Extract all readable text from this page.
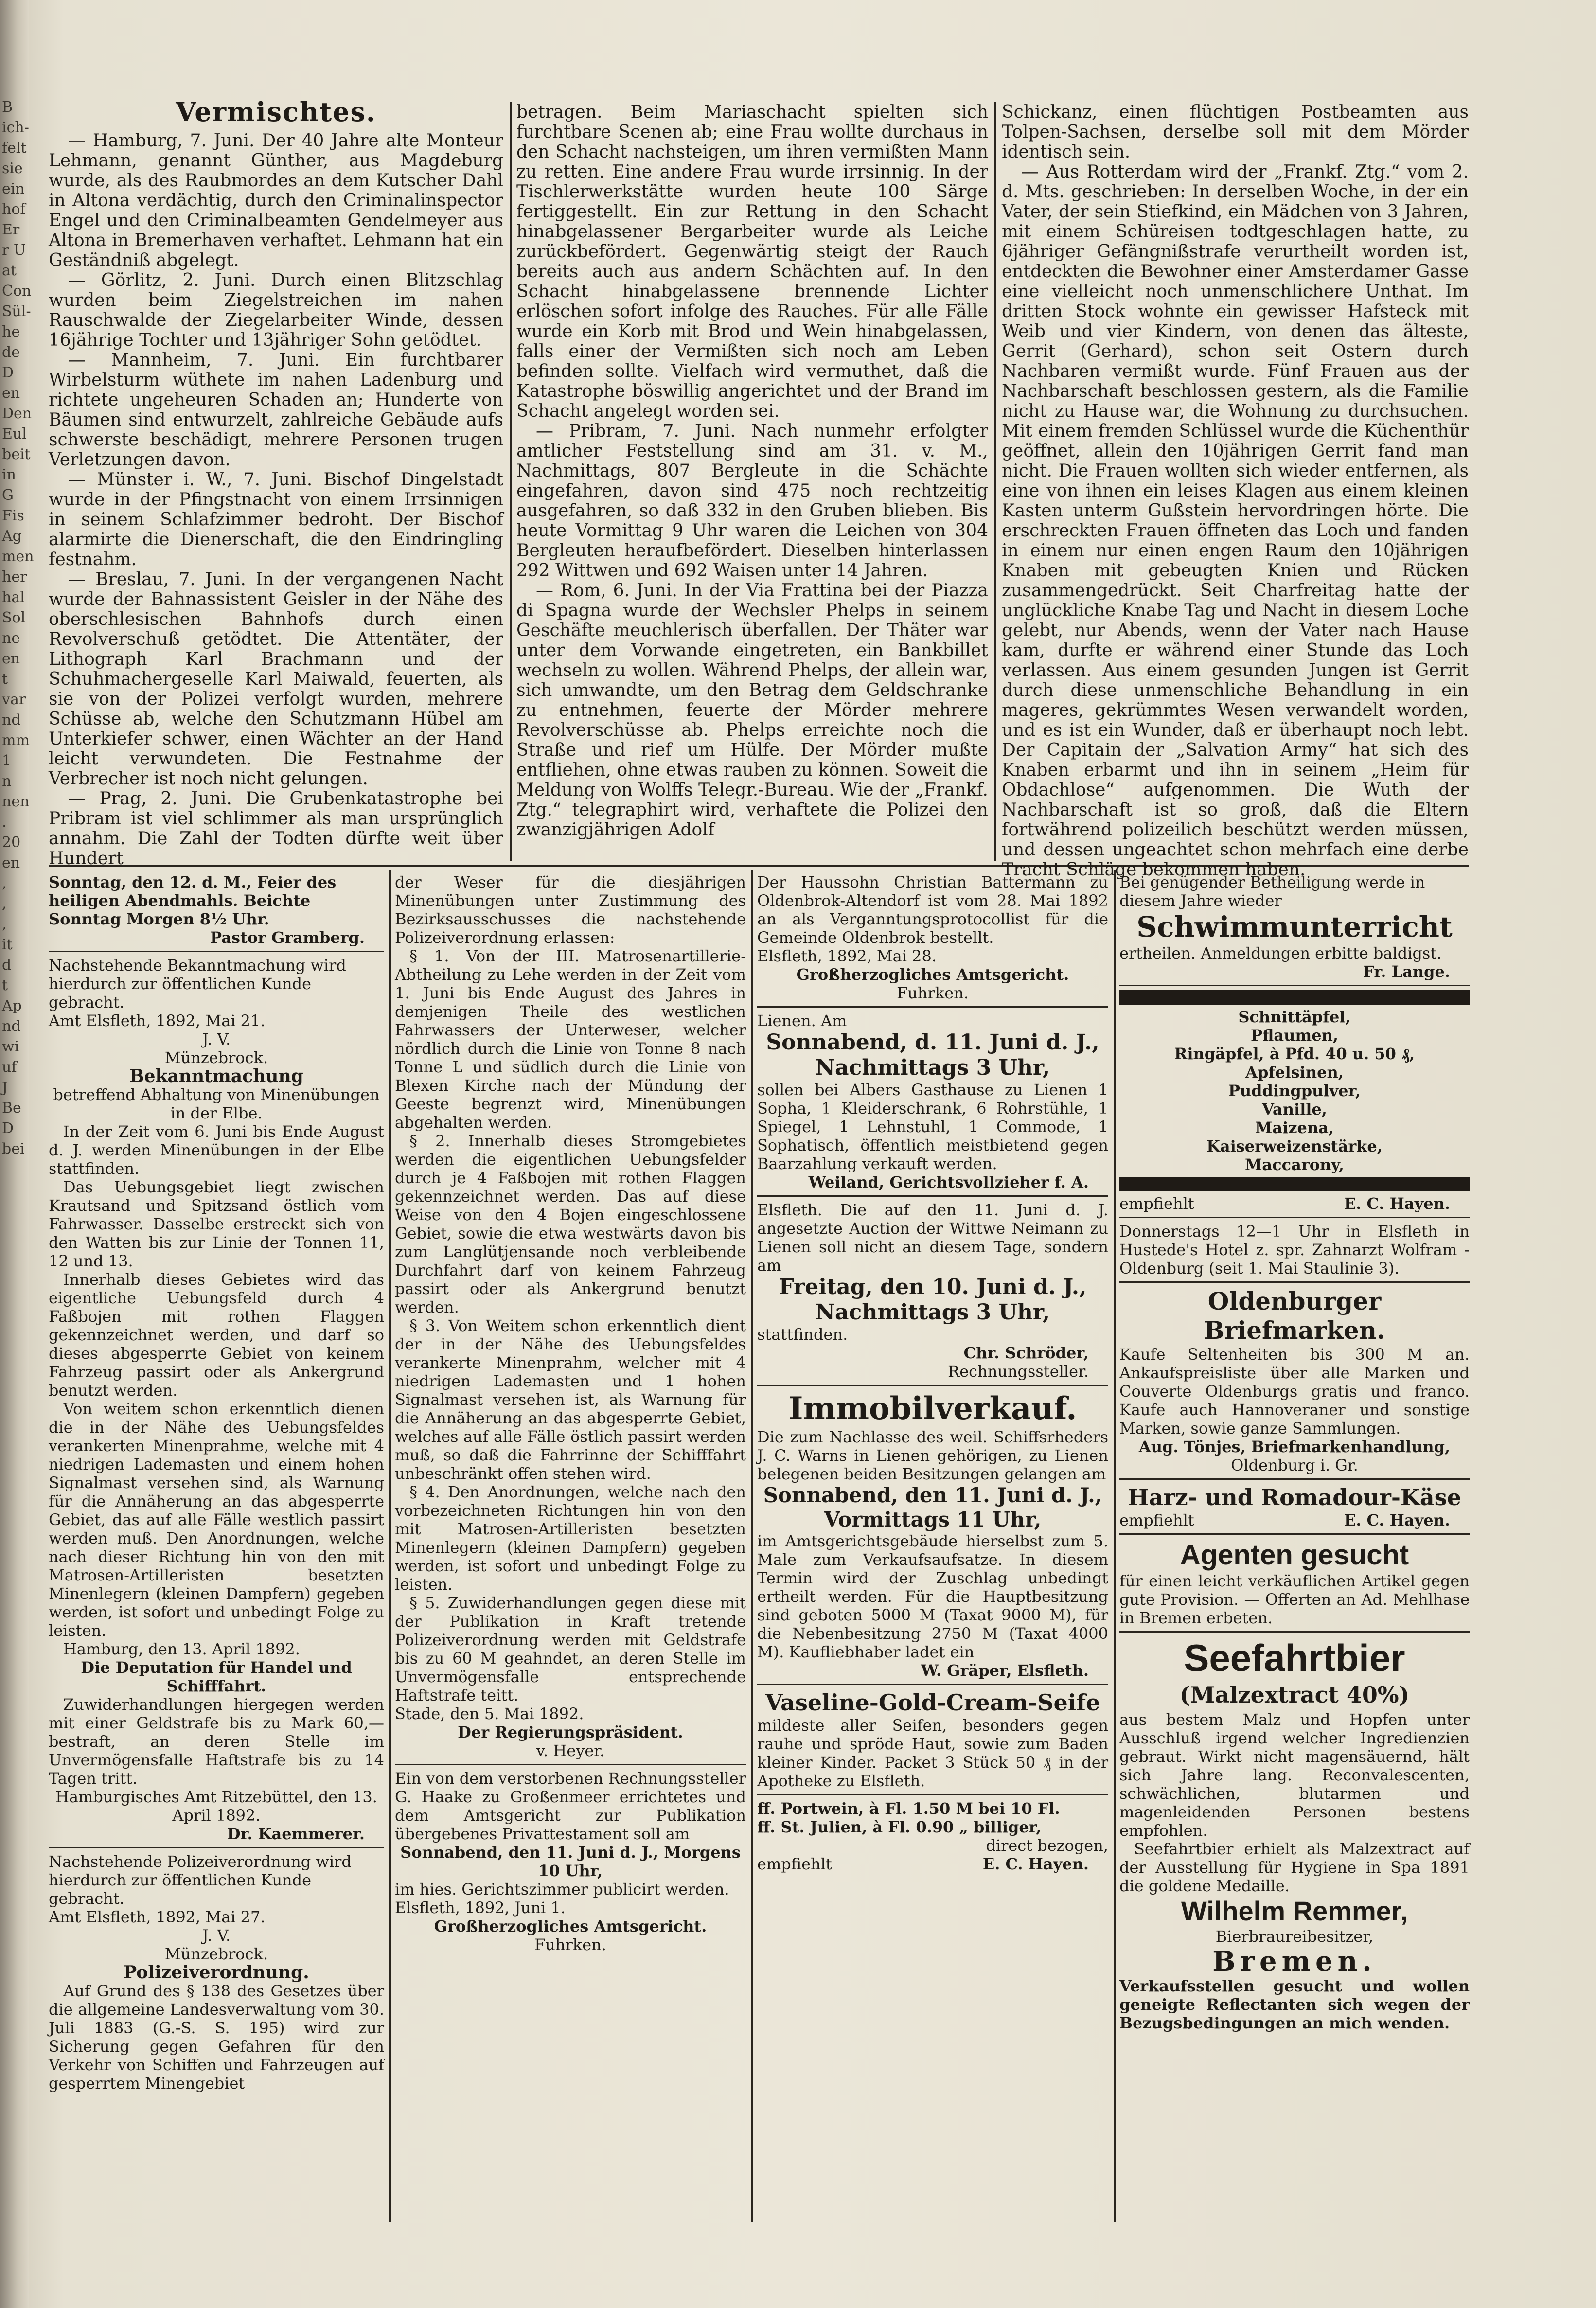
B
ich-
felt
sie
ein
hof
Er
r U
at
Con
Sül-
he
de
D
en
Den
Eul
beit
in
G
Fis
Ag
men
her
hal
Sol
ne
en
t
var
nd
mm
1
n
nen
.
20
en
,
,
,
it
d
t
Ap
nd
wi
uf
J
Be
D
bei
Vermischtes.

— Hamburg, 7. Juni. Der 40 Jahre alte Monteur Lehmann, genannt Günther, aus Magdeburg wurde, als des Raubmordes an dem Kutscher Dahl in Altona verdächtig, durch den Criminalinspector Engel und den Criminalbeamten Gendelmeyer aus Altona in Bremerhaven verhaftet. Lehmann hat ein Geständniß abgelegt.

— Görlitz, 2. Juni. Durch einen Blitzschlag wurden beim Ziegelstreichen im nahen Rauschwalde der Ziegelarbeiter Winde, dessen 16jährige Tochter und 13jähriger Sohn getödtet.

— Mannheim, 7. Juni. Ein furchtbarer Wirbelsturm wüthete im nahen Ladenburg und richtete ungeheuren Schaden an; Hunderte von Bäumen sind entwurzelt, zahlreiche Gebäude aufs schwerste beschädigt, mehrere Personen trugen Verletzungen davon.

— Münster i. W., 7. Juni. Bischof Dingelstadt wurde in der Pfingstnacht von einem Irrsinnigen in seinem Schlafzimmer bedroht. Der Bischof alarmirte die Dienerschaft, die den Eindringling festnahm.

— Breslau, 7. Juni. In der vergangenen Nacht wurde der Bahnassistent Geisler in der Nähe des oberschlesischen Bahnhofs durch einen Revolverschuß getödtet. Die Attentäter, der Lithograph Karl Brachmann und der Schuhmachergeselle Karl Maiwald, feuerten, als sie von der Polizei verfolgt wurden, mehrere Schüsse ab, welche den Schutzmann Hübel am Unterkiefer schwer, einen Wächter an der Hand leicht verwundeten. Die Festnahme der Verbrecher ist noch nicht gelungen.

— Prag, 2. Juni. Die Grubenkatastrophe bei Pribram ist viel schlimmer als man ursprünglich annahm. Die Zahl der Todten dürfte weit über Hundert

betragen. Beim Mariaschacht spielten sich furchtbare Scenen ab; eine Frau wollte durchaus in den Schacht nachsteigen, um ihren vermißten Mann zu retten. Eine andere Frau wurde irrsinnig. In der Tischlerwerkstätte wurden heute 100 Särge fertiggestellt. Ein zur Rettung in den Schacht hinabgelassener Bergarbeiter wurde als Leiche zurückbefördert. Gegenwärtig steigt der Rauch bereits auch aus andern Schächten auf. In den Schacht hinabgelassene brennende Lichter erlöschen sofort infolge des Rauches. Für alle Fälle wurde ein Korb mit Brod und Wein hinabgelassen, falls einer der Vermißten sich noch am Leben befinden sollte. Vielfach wird vermuthet, daß die Katastrophe böswillig angerichtet und der Brand im Schacht angelegt worden sei.

— Pribram, 7. Juni. Nach nunmehr erfolgter amtlicher Feststellung sind am 31. v. M., Nachmittags, 807 Bergleute in die Schächte eingefahren, davon sind 475 noch rechtzeitig ausgefahren, so daß 332 in den Gruben blieben. Bis heute Vormittag 9 Uhr waren die Leichen von 304 Bergleuten heraufbefördert. Dieselben hinterlassen 292 Wittwen und 692 Waisen unter 14 Jahren.

— Rom, 6. Juni. In der Via Frattina bei der Piazza di Spagna wurde der Wechsler Phelps in seinem Geschäfte meuchlerisch überfallen. Der Thäter war unter dem Vorwande eingetreten, ein Bankbillet wechseln zu wollen. Während Phelps, der allein war, sich umwandte, um den Betrag dem Geldschranke zu entnehmen, feuerte der Mörder mehrere Revolverschüsse ab. Phelps erreichte noch die Straße und rief um Hülfe. Der Mörder mußte entfliehen, ohne etwas rauben zu können. Soweit die Meldung von Wolffs Telegr.-Bureau. Wie der „Frankf. Ztg.“ telegraphirt wird, verhaftete die Polizei den zwanzigjährigen Adolf

Schickanz, einen flüchtigen Postbeamten aus Tolpen-Sachsen, derselbe soll mit dem Mörder identisch sein.

— Aus Rotterdam wird der „Frankf. Ztg.“ vom 2. d. Mts. geschrieben: In derselben Woche, in der ein Vater, der sein Stiefkind, ein Mädchen von 3 Jahren, mit einem Schüreisen todtgeschlagen hatte, zu 6jähriger Gefängnißstrafe verurtheilt worden ist, entdeckten die Bewohner einer Amsterdamer Gasse eine vielleicht noch unmenschlichere Unthat. Im dritten Stock wohnte ein gewisser Hafsteck mit Weib und vier Kindern, von denen das älteste, Gerrit (Gerhard), schon seit Ostern durch Nachbaren vermißt wurde. Fünf Frauen aus der Nachbarschaft beschlossen gestern, als die Familie nicht zu Hause war, die Wohnung zu durchsuchen. Mit einem fremden Schlüssel wurde die Küchenthür geöffnet, allein den 10jährigen Gerrit fand man nicht. Die Frauen wollten sich wieder entfernen, als eine von ihnen ein leises Klagen aus einem kleinen Kasten unterm Gußstein hervordringen hörte. Die erschreckten Frauen öffneten das Loch und fanden in einem nur einen engen Raum den 10jährigen Knaben mit gebeugten Knien und Rücken zusammengedrückt. Seit Charfreitag hatte der unglückliche Knabe Tag und Nacht in diesem Loche gelebt, nur Abends, wenn der Vater nach Hause kam, durfte er während einer Stunde das Loch verlassen. Aus einem gesunden Jungen ist Gerrit durch diese unmenschliche Behandlung in ein mageres, gekrümmtes Wesen verwandelt worden, und es ist ein Wunder, daß er überhaupt noch lebt. Der Capitain der „Salvation Army“ hat sich des Knaben erbarmt und ihn in seinem „Heim für Obdachlose“ aufgenommen. Die Wuth der Nachbarschaft ist so groß, daß die Eltern fortwährend polizeilich beschützt werden müssen, und dessen ungeachtet schon mehrfach eine derbe Tracht Schläge bekommen haben.

Sonntag, den 12. d. M., Feier des heiligen Abendmahls. Beichte Sonntag Morgen 8½ Uhr.
Pastor Gramberg.
Nachstehende Bekanntmachung wird hierdurch zur öffentlichen Kunde gebracht.
Amt Elsfleth, 1892, Mai 21.
J. V.
Münzebrock.
Bekanntmachung
betreffend Abhaltung von Minenübungen in der Elbe.
In der Zeit vom 6. Juni bis Ende August d. J. werden Minenübungen in der Elbe stattfinden.
Das Uebungsgebiet liegt zwischen Krautsand und Spitzsand östlich vom Fahrwasser. Dasselbe erstreckt sich von den Watten bis zur Linie der Tonnen 11, 12 und 13.
Innerhalb dieses Gebietes wird das eigentliche Uebungsfeld durch 4 Faßbojen mit rothen Flaggen gekennzeichnet werden, und darf so dieses abgesperrte Gebiet von keinem Fahrzeug passirt oder als Ankergrund benutzt werden.
Von weitem schon erkenntlich dienen die in der Nähe des Uebungsfeldes verankerten Minenprahme, welche mit 4 niedrigen Lademasten und einem hohen Signalmast versehen sind, als Warnung für die Annäherung an das abgesperrte Gebiet, das auf alle Fälle westlich passirt werden muß. Den Anordnungen, welche nach dieser Richtung hin von den mit Matrosen-Artilleristen besetzten Minenlegern (kleinen Dampfern) gegeben werden, ist sofort und unbedingt Folge zu leisten.
Hamburg, den 13. April 1892.
Die Deputation für Handel und Schifffahrt.
Zuwiderhandlungen hiergegen werden mit einer Geldstrafe bis zu Mark 60,— bestraft, an deren Stelle im Unvermögensfalle Haftstrafe bis zu 14 Tagen tritt.
Hamburgisches Amt Ritzebüttel, den 13. April 1892.
Dr. Kaemmerer.
Nachstehende Polizeiverordnung wird hierdurch zur öffentlichen Kunde gebracht.
Amt Elsfleth, 1892, Mai 27.
J. V.
Münzebrock.
Polizeiverordnung.
Auf Grund des § 138 des Gesetzes über die allgemeine Landesverwaltung vom 30. Juli 1883 (G.-S. S. 195) wird zur Sicherung gegen Gefahren für den Verkehr von Schiffen und Fahrzeugen auf gesperrtem Minengebiet
der Weser für die diesjährigen Minenübungen unter Zustimmung des Bezirksausschusses die nachstehende Polizeiverordnung erlassen:
§ 1. Von der III. Matrosenartillerie-Abtheilung zu Lehe werden in der Zeit vom 1. Juni bis Ende August des Jahres in demjenigen Theile des westlichen Fahrwassers der Unterweser, welcher nördlich durch die Linie von Tonne 8 nach Tonne L und südlich durch die Linie von Blexen Kirche nach der Mündung der Geeste begrenzt wird, Minenübungen abgehalten werden.
§ 2. Innerhalb dieses Stromgebietes werden die eigentlichen Uebungsfelder durch je 4 Faßbojen mit rothen Flaggen gekennzeichnet werden. Das auf diese Weise von den 4 Bojen eingeschlossene Gebiet, sowie die etwa westwärts davon bis zum Langlütjensande noch verbleibende Durchfahrt darf von keinem Fahrzeug passirt oder als Ankergrund benutzt werden.
§ 3. Von Weitem schon erkenntlich dient der in der Nähe des Uebungsfeldes verankerte Minenprahm, welcher mit 4 niedrigen Lademasten und 1 hohen Signalmast versehen ist, als Warnung für die Annäherung an das abgesperrte Gebiet, welches auf alle Fälle östlich passirt werden muß, so daß die Fahrrinne der Schifffahrt unbeschränkt offen stehen wird.
§ 4. Den Anordnungen, welche nach den vorbezeichneten Richtungen hin von den mit Matrosen-Artilleristen besetzten Minenlegern (kleinen Dampfern) gegeben werden, ist sofort und unbedingt Folge zu leisten.
§ 5. Zuwiderhandlungen gegen diese mit der Publikation in Kraft tretende Polizeiverordnung werden mit Geldstrafe bis zu 60 M geahndet, an deren Stelle im Unvermögensfalle entsprechende Haftstrafe teitt.
Stade, den 5. Mai 1892.
Der Regierungspräsident.
v. Heyer.
Ein von dem verstorbenen Rechnungssteller G. Haake zu Großenmeer errichtetes und dem Amtsgericht zur Publikation übergebenes Privattestament soll am
Sonnabend, den 11. Juni d. J., Morgens 10 Uhr,
im hies. Gerichtszimmer publicirt werden.
Elsfleth, 1892, Juni 1.
Großherzogliches Amtsgericht.
Fuhrken.
Der Haussohn Christian Battermann zu Oldenbrok-Altendorf ist vom 28. Mai 1892 an als Verganntungsprotocollist für die Gemeinde Oldenbrok bestellt.
Elsfleth, 1892, Mai 28.
Großherzogliches Amtsgericht.
Fuhrken.
Lienen. Am
Sonnabend, d. 11. Juni d. J., Nachmittags 3 Uhr,
sollen bei Albers Gasthause zu Lienen 1 Sopha, 1 Kleiderschrank, 6 Rohrstühle, 1 Spiegel, 1 Lehnstuhl, 1 Commode, 1 Sophatisch, öffentlich meistbietend gegen Baarzahlung verkauft werden.
Weiland, Gerichtsvollzieher f. A.
Elsfleth. Die auf den 11. Juni d. J. angesetzte Auction der Wittwe Neimann zu Lienen soll nicht an diesem Tage, sondern am
Freitag, den 10. Juni d. J., Nachmittags 3 Uhr,
stattfinden.
Chr. Schröder,
Rechnungssteller.
Immobilverkauf.
Die zum Nachlasse des weil. Schiffsrheders J. C. Warns in Lienen gehörigen, zu Lienen belegenen beiden Besitzungen gelangen am
Sonnabend, den 11. Juni d. J., Vormittags 11 Uhr,
im Amtsgerichtsgebäude hierselbst zum 5. Male zum Verkaufsaufsatze. In diesem Termin wird der Zuschlag unbedingt ertheilt werden. Für die Hauptbesitzung sind geboten 5000 M (Taxat 9000 M), für die Nebenbesitzung 2750 M (Taxat 4000 M). Kaufliebhaber ladet ein
W. Gräper, Elsfleth.
Vaseline-Gold-Cream-Seife
mildeste aller Seifen, besonders gegen rauhe und spröde Haut, sowie zum Baden kleiner Kinder. Packet 3 Stück 50 ₰ in der Apotheke zu Elsfleth.
ff. Portwein, à Fl. 1.50 M bei 10 Fl.
ff. St. Julien, à Fl. 0.90 „ billiger,
direct bezogen,
empfiehlt	E. C. Hayen.
Bei genügender Betheiligung werde in diesem Jahre wieder
Schwimmunterricht
ertheilen. Anmeldungen erbitte baldigst.
Fr. Lange.
Schnittäpfel,
Pflaumen,
Ringäpfel, à Pfd. 40 u. 50 ₰,
Apfelsinen,
Puddingpulver,
Vanille,
Maizena,
Kaiserweizenstärke,
Maccarony,
empfiehlt	E. C. Hayen.
Donnerstags 12—1 Uhr in Elsfleth in Hustede's Hotel z. spr. Zahnarzt Wolfram - Oldenburg (seit 1. Mai Staulinie 3).
Oldenburger Briefmarken.
Kaufe Seltenheiten bis 300 M an. Ankaufspreisliste über alle Marken und Couverte Oldenburgs gratis und franco. Kaufe auch Hannoveraner und sonstige Marken, sowie ganze Sammlungen.
Aug. Tönjes, Briefmarkenhandlung,
Oldenburg i. Gr.
Harz- und Romadour-Käse
empfiehlt	E. C. Hayen.
Agenten gesucht
für einen leicht verkäuflichen Artikel gegen gute Provision. — Offerten an Ad. Mehlhase in Bremen erbeten.
Seefahrtbier
(Malzextract 40%)
aus bestem Malz und Hopfen unter Ausschluß irgend welcher Ingredienzien gebraut. Wirkt nicht magensäuernd, hält sich Jahre lang. Reconvalescenten, schwächlichen, blutarmen und magenleidenden Personen bestens empfohlen.
Seefahrtbier erhielt als Malzextract auf der Ausstellung für Hygiene in Spa 1891 die goldene Medaille.
Wilhelm Remmer,
Bierbraureibesitzer,
Bremen.
Verkaufsstellen gesucht und wollen geneigte Reflectanten sich wegen der Bezugsbedingungen an mich wenden.
